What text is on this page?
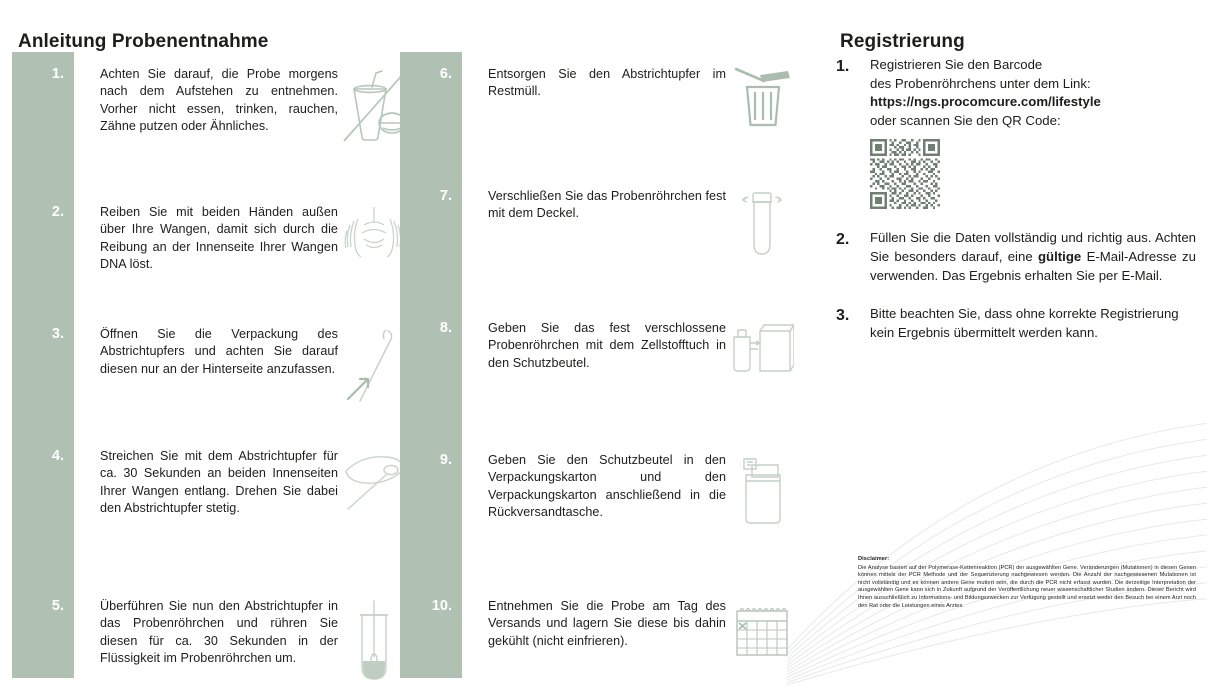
Anleitung Probenentnahme	Registrierung
1.	Achten Sie darauf, die Probe morgens nach dem Aufstehen zu entnehmen. Vorher nicht essen, trinken, rauchen, Zähne putzen oder Ähnliches.
2.	Reiben Sie mit beiden Händen außen über Ihre Wangen, damit sich durch die Reibung an der Innenseite Ihrer Wangen DNA löst.
3.	Öffnen Sie die Verpackung des Abstrichtupfers und achten Sie darauf diesen nur an der Hinterseite anzufassen.
4.	Streichen Sie mit dem Abstrichtupfer für ca. 30 Sekunden an beiden Innenseiten Ihrer Wangen entlang. Drehen Sie dabei den Abstrichtupfer stetig.
5.	Überführen Sie nun den Abstrichtupfer in das Probenröhrchen und rühren Sie diesen für ca. 30 Sekunden in der Flüssigkeit im Probenröhrchen um.
6.	Entsorgen Sie den Abstrichtupfer im Restmüll.
7.	Verschließen Sie das Probenröhrchen fest mit dem Deckel.
8.	Geben Sie das fest verschlossene Probenröhrchen mit dem Zellstofftuch in den Schutzbeutel.
9.	Geben Sie den Schutzbeutel in den Verpackungskarton und den Verpackungskarton anschließend in die Rückversandtasche.
10.	Entnehmen Sie die Probe am Tag des Versands und lagern Sie diese bis dahin gekühlt (nicht einfrieren).
1.	Registrieren Sie den Barcode
des Probenröhrchens unter dem Link:
https://ngs.procomcure.com/lifestyle
oder scannen Sie den QR Code:
2.	Füllen Sie die Daten vollständig und richtig aus. Achten Sie besonders darauf, eine gültige E-Mail-Adresse zu verwenden. Das Ergebnis erhalten Sie per E-Mail.
3.	Bitte beachten Sie, dass ohne korrekte Registrierung kein Ergebnis übermittelt werden kann.
Disclaimer:
Die Analyse basiert auf der Polymerase-Kettenreaktion (PCR) der ausgewählten Gene. Veränderungen (Mutationen) in diesen Genen können mittels der PCR Methode und der Sequenzierung nachgewiesen werden. Die Anzahl der nachgewiesenen Mutationen ist nicht vollständig und es können andere Gene mutiert sein, die durch die PCR nicht erfasst wurden. Die derzeitige Interpretation der ausgewählten Gene kann sich in Zukunft aufgrund der Veröffentlichung neuer wissenschaftlicher Studien ändern. Dieser Bericht wird Ihnen ausschließlich zu Informations- und Bildungszwecken zur Verfügung gestellt und ersetzt weder den Besuch bei einem Arzt noch den Rat oder die Leistungen eines Arztes.
